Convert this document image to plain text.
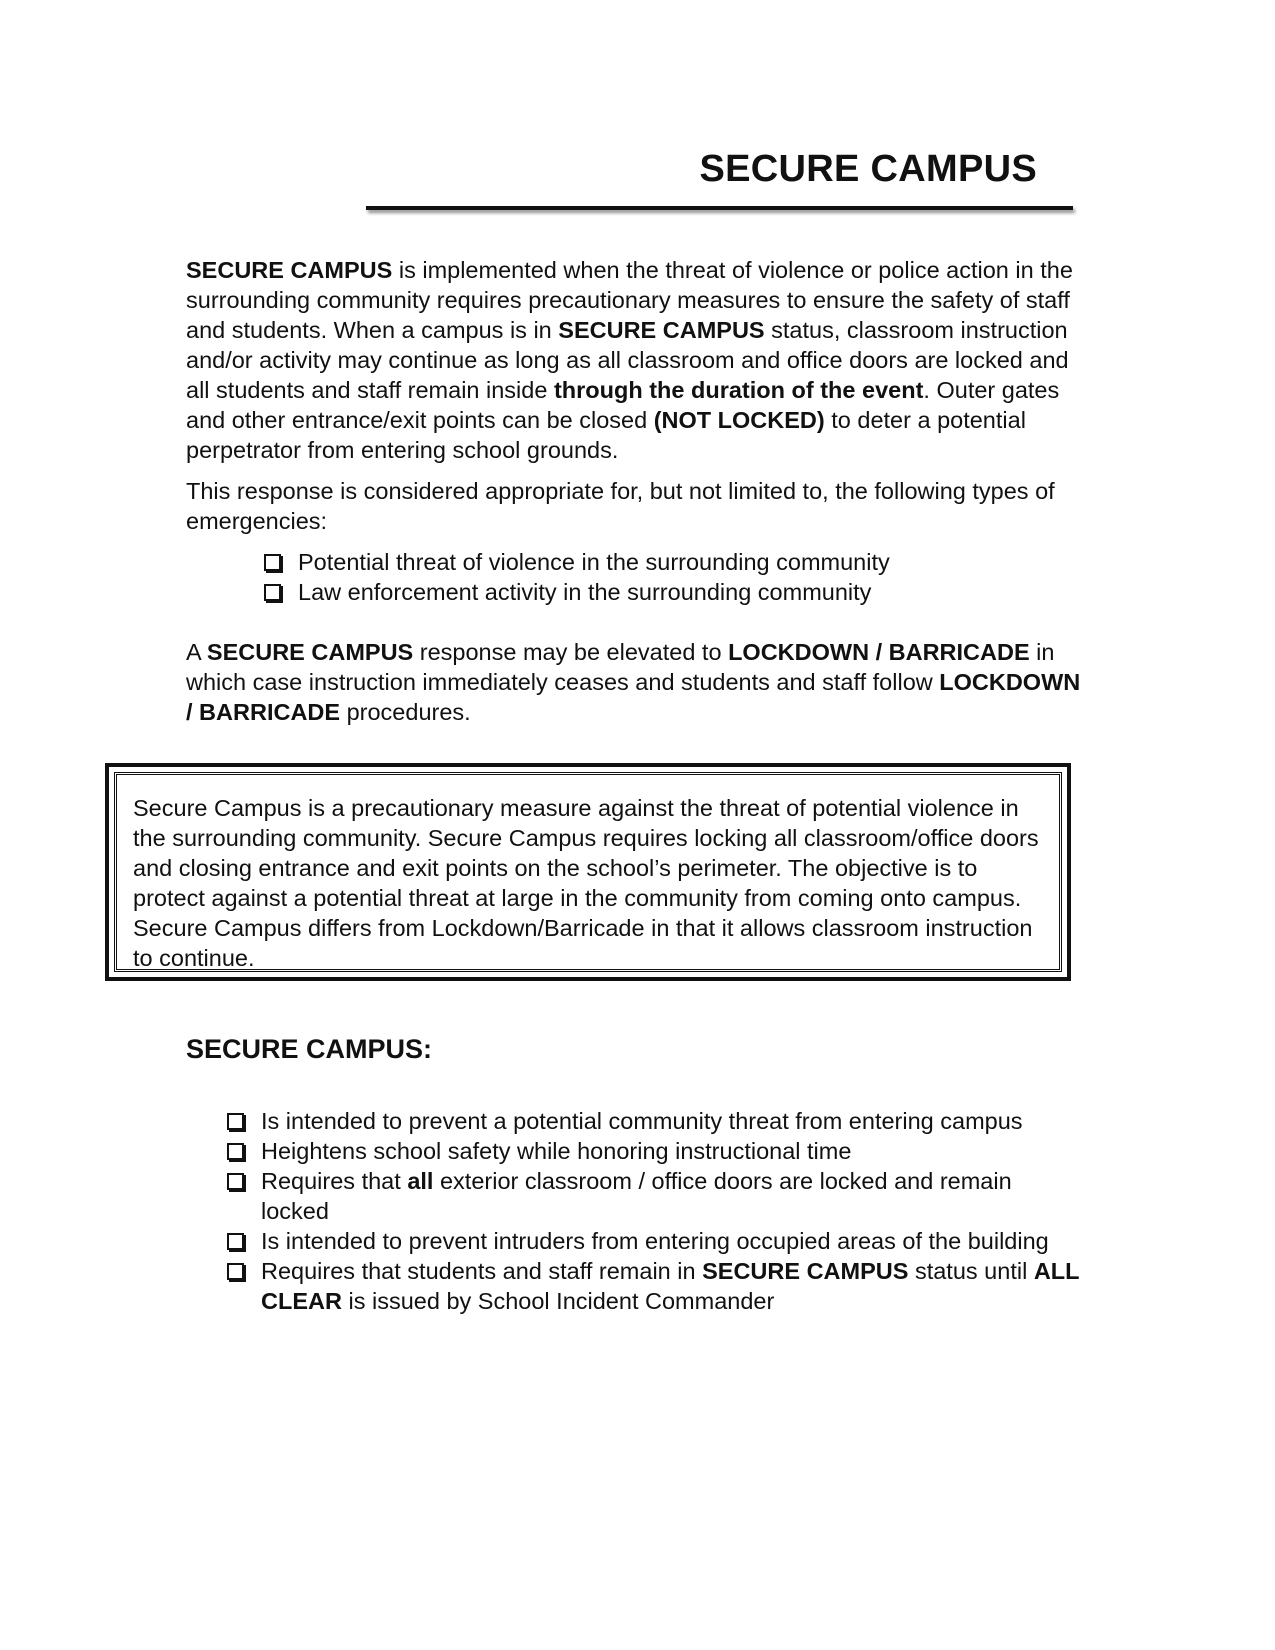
SECURE CAMPUS

SECURE CAMPUS is implemented when the threat of violence or police action in the surrounding community requires precautionary measures to ensure the safety of staff and students. When a campus is in SECURE CAMPUS status, classroom instruction and/or activity may continue as long as all classroom and office doors are locked and all students and staff remain inside through the duration of the event. Outer gates and other entrance/exit points can be closed (NOT LOCKED) to deter a potential perpetrator from entering school grounds.

This response is considered appropriate for, but not limited to, the following types of emergencies:

Potential threat of violence in the surrounding community
Law enforcement activity in the surrounding community

A SECURE CAMPUS response may be elevated to LOCKDOWN / BARRICADE in which case instruction immediately ceases and students and staff follow LOCKDOWN / BARRICADE procedures.

Secure Campus is a precautionary measure against the threat of potential violence in the surrounding community. Secure Campus requires locking all classroom/office doors and closing entrance and exit points on the school’s perimeter. The objective is to protect against a potential threat at large in the community from coming onto campus. Secure Campus differs from Lockdown/Barricade in that it allows classroom instruction to continue.
SECURE CAMPUS:
Is intended to prevent a potential community threat from entering campus
Heightens school safety while honoring instructional time
Requires that all exterior classroom / office doors are locked and remain locked
Is intended to prevent intruders from entering occupied areas of the building
Requires that students and staff remain in SECURE CAMPUS status until ALL CLEAR is issued by School Incident Commander
